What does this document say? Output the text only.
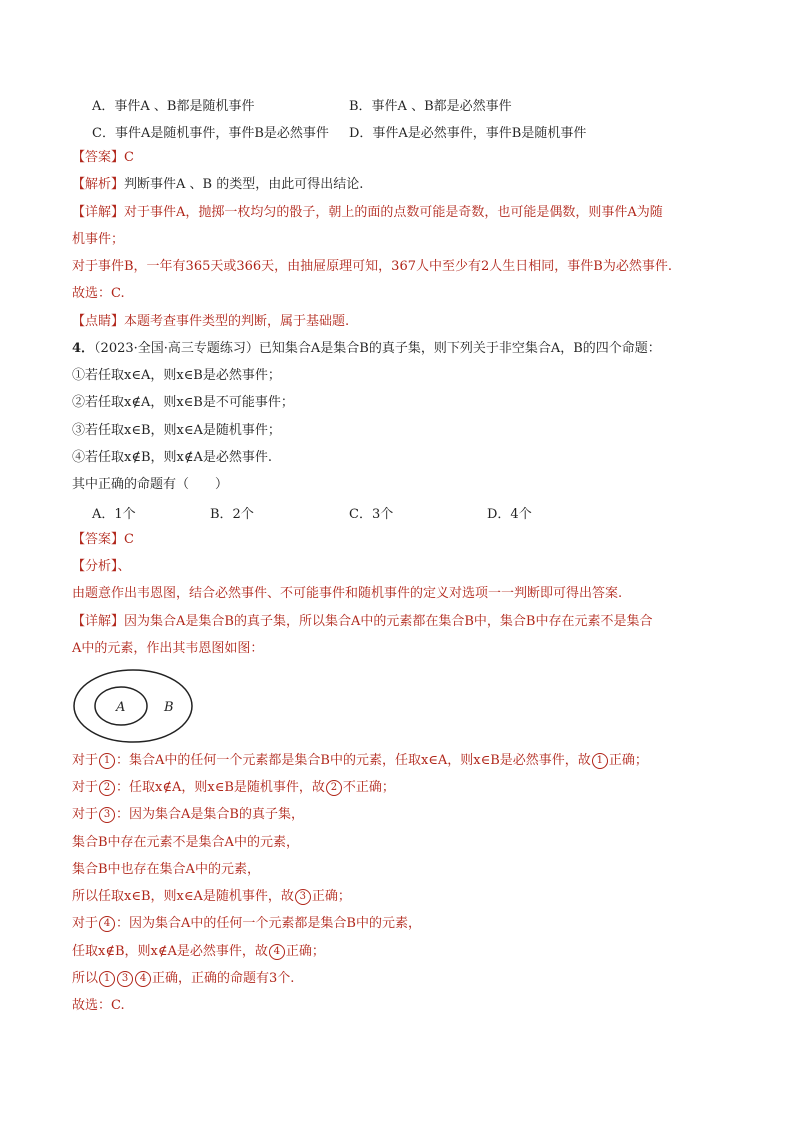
A．事件A 、B都是随机事件	B．事件A 、B都是必然事件
C．事件A是随机事件，事件B是必然事件 D．事件A是必然事件，事件B是随机事件
【答案】C
【解析】判断事件A 、B 的类型，由此可得出结论.
【详解】对于事件A，抛掷一枚均匀的骰子，朝上的面的点数可能是奇数，也可能是偶数，则事件A为随
机事件；
对于事件B，一年有365天或366天，由抽屉原理可知，367人中至少有2人生日相同，事件B为必然事件.
故选：C.
【点睛】本题考查事件类型的判断，属于基础题.
4．（2023·全国·高三专题练习）已知集合A是集合B的真子集，则下列关于非空集合A，B的四个命题：
①若任取x∈A，则x∈B是必然事件；
②若任取x∉A，则x∈B是不可能事件；
③若任取x∈B，则x∈A是随机事件；
④若任取x∉B，则x∉A是必然事件.
其中正确的命题有（　　）
A．1个	B．2个	C．3个	D．4个
【答案】C
【分析】、
由题意作出韦恩图，结合必然事件、不可能事件和随机事件的定义对选项一一判断即可得出答案.
【详解】因为集合A是集合B的真子集，所以集合A中的元素都在集合B中，集合B中存在元素不是集合
A中的元素，作出其韦恩图如图：
A	B
对于 1 ：集合A中的任何一个元素都是集合B中的元素，任取x∈A，则x∈B是必然事件，故 1 正确；
对于 2 ：任取x∉A，则x∈B是随机事件，故 2 不正确；
对于 3 ：因为集合A是集合B的真子集，
集合B中存在元素不是集合A中的元素，
集合B中也存在集合A中的元素，
所以任取x∈B，则x∈A是随机事件，故 3 正确；
对于 4 ：因为集合A中的任何一个元素都是集合B中的元素，
任取x∉B，则x∉A是必然事件，故 4 正确；
所以 1 3 4 正确，正确的命题有3个.
故选：C.
